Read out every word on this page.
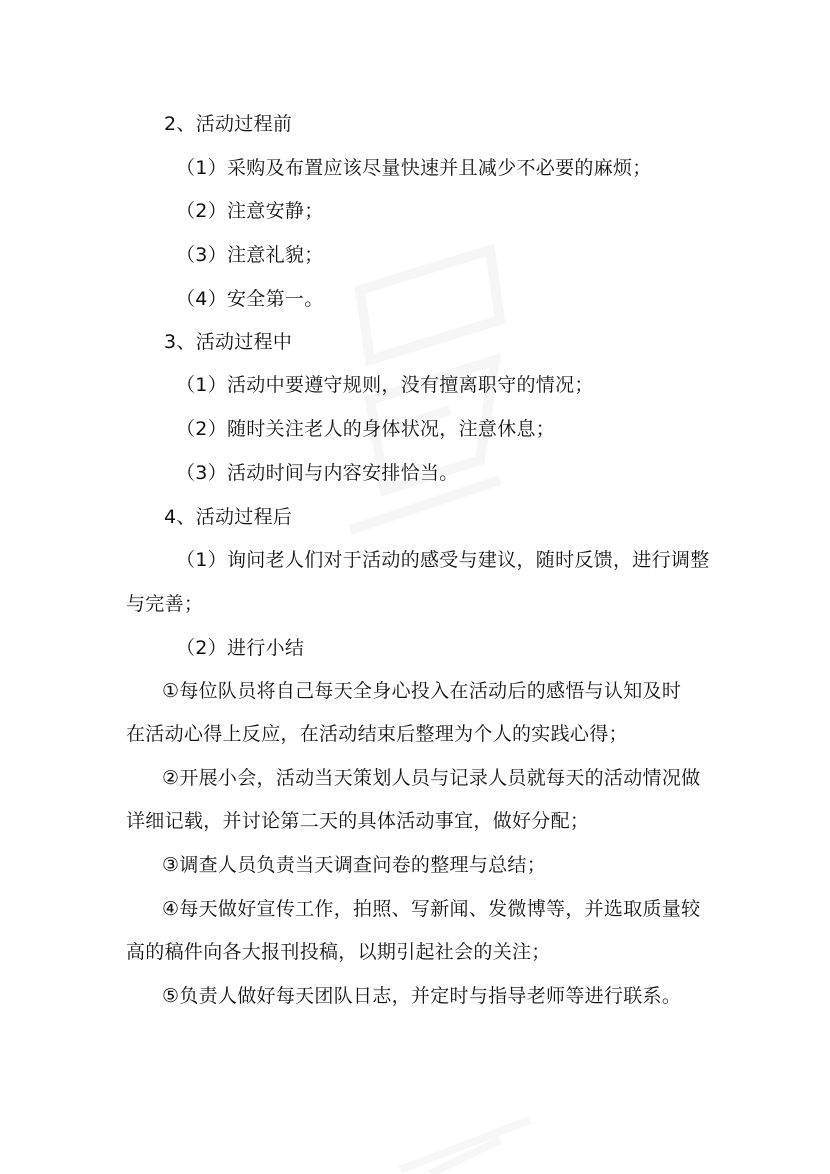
2、活动过程前
（1）采购及布置应该尽量快速并且减少不必要的麻烦；
（2）注意安静；
（3）注意礼貌；
（4）安全第一。
3、活动过程中
（1）活动中要遵守规则，没有擅离职守的情况；
（2）随时关注老人的身体状况，注意休息；
（3）活动时间与内容安排恰当。
4、活动过程后
（1）询问老人们对于活动的感受与建议，随时反馈，进行调整
与完善；
（2）进行小结
①每位队员将自己每天全身心投入在活动后的感悟与认知及时
在活动心得上反应，在活动结束后整理为个人的实践心得；
②开展小会，活动当天策划人员与记录人员就每天的活动情况做
详细记载，并讨论第二天的具体活动事宜，做好分配；
③调查人员负责当天调查问卷的整理与总结；
④每天做好宣传工作，拍照、写新闻、发微博等，并选取质量较
高的稿件向各大报刊投稿，以期引起社会的关注；
⑤负责人做好每天团队日志，并定时与指导老师等进行联系。
